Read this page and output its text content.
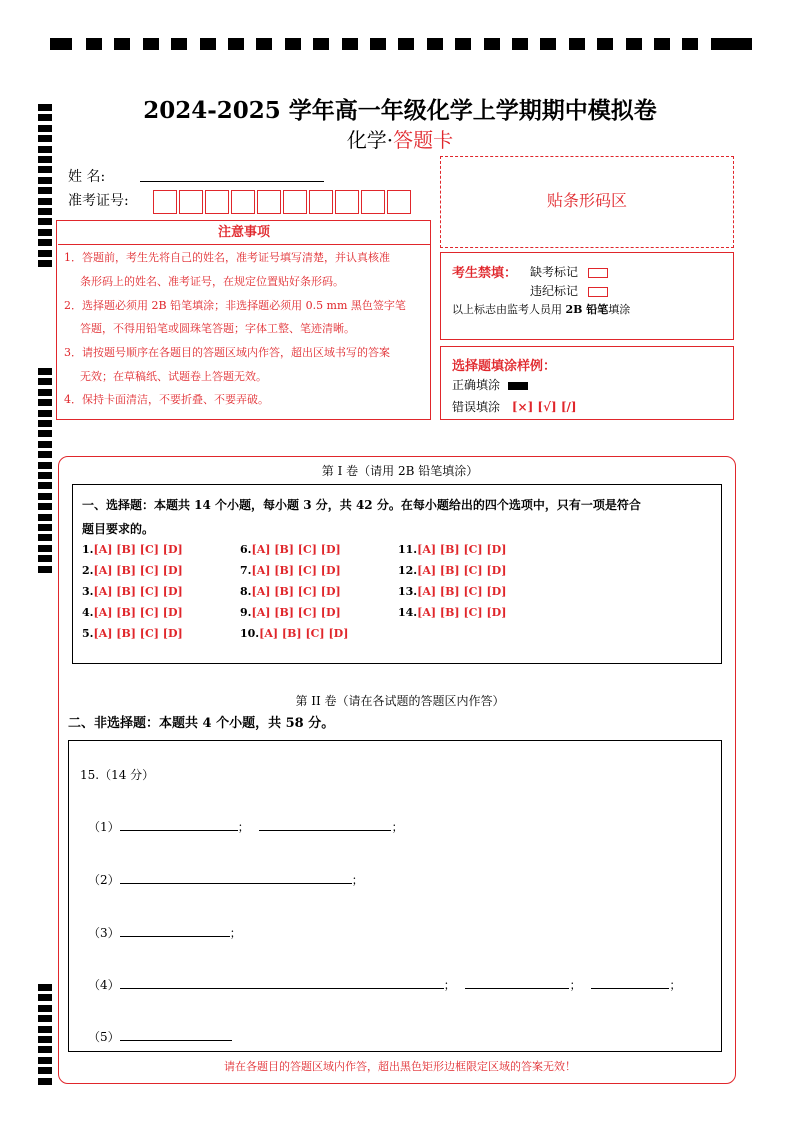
2024-2025 学年高一年级化学上学期期中模拟卷
化学·答题卡
姓 名:
准考证号:
注意事项
1．答题前，考生先将自己的姓名，准考证号填写清楚，并认真核准
条形码上的姓名、准考证号，在规定位置贴好条形码。
2．选择题必须用 2B 铅笔填涂；非选择题必须用 0.5 mm 黑色签字笔
答题，不得用铅笔或圆珠笔答题；字体工整、笔迹清晰。
3．请按题号顺序在各题目的答题区域内作答，超出区域书写的答案
无效；在草稿纸、试题卷上答题无效。
4．保持卡面清洁，不要折叠、不要弄破。
贴条形码区
考生禁填： 缺考标记
违纪标记
以上标志由监考人员用 2B 铅笔填涂
选择题填涂样例：
正确填涂
错误填涂 [×] [√] [/]
第 I 卷（请用 2B 铅笔填涂）
一、选择题：本题共 14 个小题，每小题 3 分，共 42 分。在每小题给出的四个选项中，只有一项是符合
题目要求的。
1.[A] [B] [C] [D]
2.[A] [B] [C] [D]
3.[A] [B] [C] [D]
4.[A] [B] [C] [D]
5.[A] [B] [C] [D]
6.[A] [B] [C] [D]
7.[A] [B] [C] [D]
8.[A] [B] [C] [D]
9.[A] [B] [C] [D]
10.[A] [B] [C] [D]
11.[A] [B] [C] [D]
12.[A] [B] [C] [D]
13.[A] [B] [C] [D]
14.[A] [B] [C] [D]
第 II 卷（请在各试题的答题区内作答）
二、非选择题：本题共 4 个小题，共 58 分。
15.（14 分）
（1）	；	；
（2）	；
（3）	；
（4）	；	；	；
（5）
请在各题目的答题区域内作答，超出黑色矩形边框限定区域的答案无效！
